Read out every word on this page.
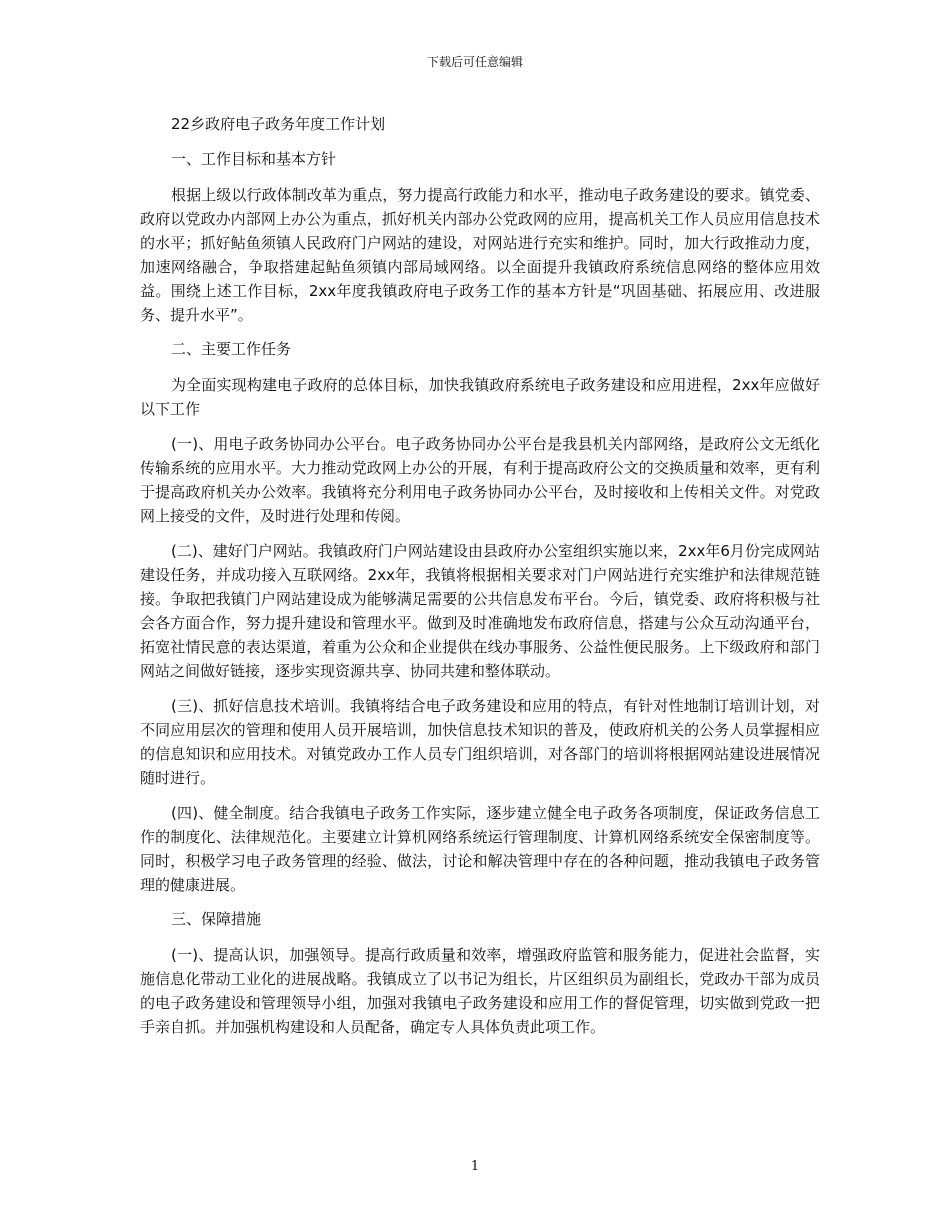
下载后可任意编辑
22乡政府电子政务年度工作计划
一、工作目标和基本方针

根据上级以行政体制改革为重点，努力提高行政能力和水平，推动电子政务建设的要求。镇党委、政府以党政办内部网上办公为重点，抓好机关内部办公党政网的应用，提高机关工作人员应用信息技术的水平；抓好鲇鱼须镇人民政府门户网站的建设，对网站进行充实和维护。同时，加大行政推动力度，加速网络融合，争取搭建起鲇鱼须镇内部局域网络。以全面提升我镇政府系统信息网络的整体应用效益。围绕上述工作目标，2xx年度我镇政府电子政务工作的基本方针是“巩固基础、拓展应用、改进服务、提升水平”。

二、主要工作任务

为全面实现构建电子政府的总体目标，加快我镇政府系统电子政务建设和应用进程，2xx年应做好以下工作

(一)、用电子政务协同办公平台。电子政务协同办公平台是我县机关内部网络，是政府公文无纸化传输系统的应用水平。大力推动党政网上办公的开展，有利于提高政府公文的交换质量和效率，更有利于提高政府机关办公效率。我镇将充分利用电子政务协同办公平台，及时接收和上传相关文件。对党政网上接受的文件，及时进行处理和传阅。

(二)、建好门户网站。我镇政府门户网站建设由县政府办公室组织实施以来，2xx年6月份完成网站建设任务，并成功接入互联网络。2xx年，我镇将根据相关要求对门户网站进行充实维护和法律规范链接。争取把我镇门户网站建设成为能够满足需要的公共信息发布平台。今后，镇党委、政府将积极与社会各方面合作，努力提升建设和管理水平。做到及时准确地发布政府信息，搭建与公众互动沟通平台，拓宽社情民意的表达渠道，着重为公众和企业提供在线办事服务、公益性便民服务。上下级政府和部门网站之间做好链接，逐步实现资源共享、协同共建和整体联动。

(三)、抓好信息技术培训。我镇将结合电子政务建设和应用的特点，有针对性地制订培训计划，对不同应用层次的管理和使用人员开展培训，加快信息技术知识的普及，使政府机关的公务人员掌握相应的信息知识和应用技术。对镇党政办工作人员专门组织培训，对各部门的培训将根据网站建设进展情况随时进行。

(四)、健全制度。结合我镇电子政务工作实际，逐步建立健全电子政务各项制度，保证政务信息工作的制度化、法律规范化。主要建立计算机网络系统运行管理制度、计算机网络系统安全保密制度等。同时，积极学习电子政务管理的经验、做法，讨论和解决管理中存在的各种问题，推动我镇电子政务管理的健康进展。

三、保障措施

(一)、提高认识，加强领导。提高行政质量和效率，增强政府监管和服务能力，促进社会监督，实施信息化带动工业化的进展战略。我镇成立了以书记为组长，片区组织员为副组长，党政办干部为成员的电子政务建设和管理领导小组，加强对我镇电子政务建设和应用工作的督促管理，切实做到党政一把手亲自抓。并加强机构建设和人员配备，确定专人具体负责此项工作。

1
